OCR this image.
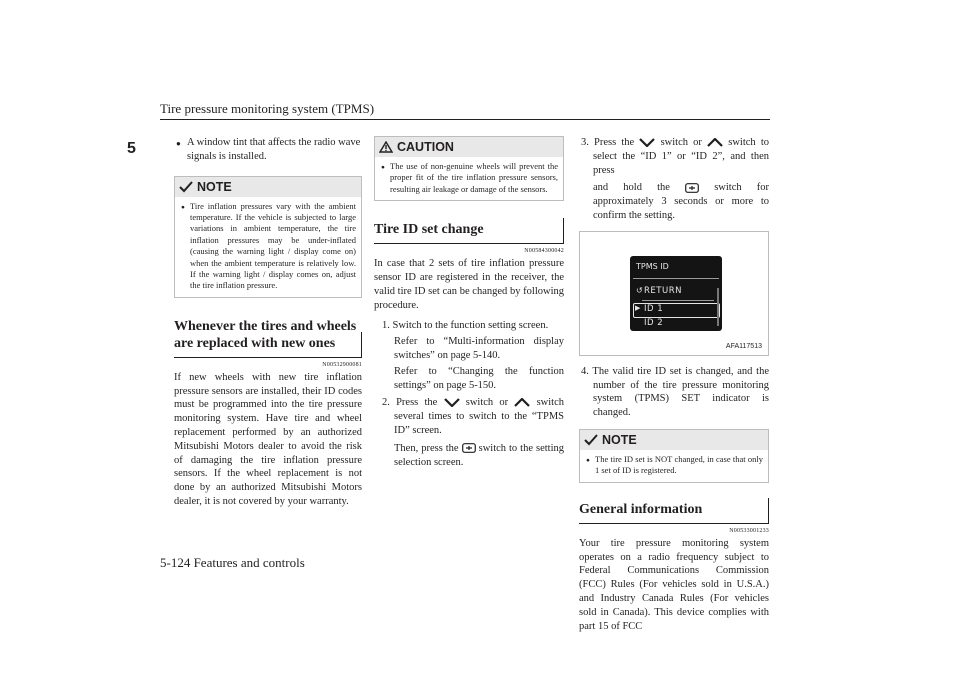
Tire pressure monitoring system (TPMS)
5

●	A window tint that affects the radio wave signals is installed.

NOTE

● Tire inflation pressures vary with the ambient temperature. If the vehicle is subjected to large variations in ambient temperature, the tire inflation pressures may be under-inflated (causing the warning light / display come on) when the ambient temperature is relatively low. If the warning light / display comes on, adjust the tire inflation pressure.

Whenever the tires and wheels are replaced with new ones
N00532900081

If new wheels with new tire inflation pressure sensors are installed, their ID codes must be programmed into the tire pressure monitoring system. Have tire and wheel replacement performed by an authorized Mitsubishi Motors dealer to avoid the risk of damaging the tire inflation pressure sensors. If the wheel replacement is not done by an authorized Mitsubishi Motors dealer, it is not covered by your warranty.

CAUTION

● The use of non-genuine wheels will prevent the proper fit of the tire inflation pressure sensors, resulting air leakage or damage of the sensors.

Tire ID set change
N00584300042

In case that 2 sets of tire inflation pressure sensor ID are registered in the receiver, the valid tire ID set can be changed by following procedure.

1. Switch to the function setting screen.
Refer to “Multi-information display switches” on page 5-140.
Refer to “Changing the function settings” on page 5-150.

2. Press the	switch or	switch several times to switch to the “TPMS ID” screen.
Then, press the switch to the setting selection screen.

3. Press the	switch or	switch to select the “ID 1” or “ID 2”, and then press
and hold the	switch for approximately 3 seconds or more to confirm the setting.

TPMS ID
↺ RETURN
▶ ID 1
ID 2
AFA117513

4. The valid tire ID set is changed, and the number of the tire pressure monitoring system (TPMS) SET indicator is changed.

NOTE

● The tire ID set is NOT changed, in case that only 1 set of ID is registered.

General information
N00533001233

Your tire pressure monitoring system operates on a radio frequency subject to Federal Communications Commission (FCC) Rules (For vehicles sold in U.S.A.) and Industry Canada Rules (For vehicles sold in Canada). This device complies with part 15 of FCC

5-124 Features and controls
